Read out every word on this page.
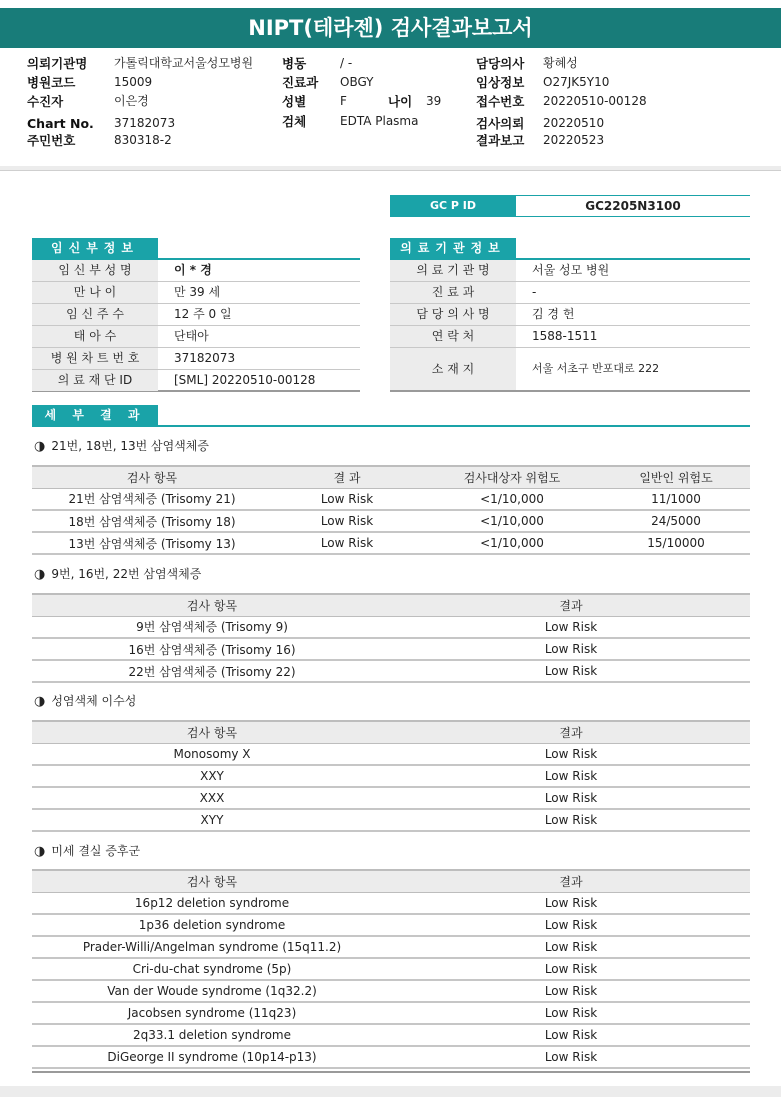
NIPT(테라젠) 검사결과보고서
의뢰기관명 가톨릭대학교서울성모병원
병원코드	15009
수진자	이은경
Chart No. 37182073
주민번호	830318-2
병동	/ -
진료과 OBGY
성별	F	나이 39
검체	EDTA Plasma
담당의사 황혜성
임상정보 O27JK5Y10
접수번호 20220510-00128
검사의뢰 20220510
결과보고 20220523
GC P ID	GC2205N3100
임신부정보
임 신 부 성 명	이 * 경
만 나 이	만 39 세
임 신 주 수	12 주 0 일
태 아 수	단태아
병 원 차 트 번 호	37182073
의 료 재 단 ID	[SML] 20220510-00128
의료기관정보
의 료 기 관 명	서울 성모 병원
진 료 과	-
담 당 의 사 명	김 경 헌
연 락 처	1588-1511
소 재 지	서울 서초구 반포대로 222
세 부 결 과
◑ 21번, 18번, 13번 삼염색체증
검사 항목	결 과	검사대상자 위험도	일반인 위험도
21번 삼염색체증 (Trisomy 21)	Low Risk	<1/10,000	11/1000
18번 삼염색체증 (Trisomy 18)	Low Risk	<1/10,000	24/5000
13번 삼염색체증 (Trisomy 13)	Low Risk	<1/10,000	15/10000
◑ 9번, 16번, 22번 삼염색체증
검사 항목	결과
9번 삼염색체증 (Trisomy 9)	Low Risk
16번 삼염색체증 (Trisomy 16)	Low Risk
22번 삼염색체증 (Trisomy 22)	Low Risk
◑ 성염색체 이수성
검사 항목	결과
Monosomy X	Low Risk
XXY	Low Risk
XXX	Low Risk
XYY	Low Risk
◑ 미세 결실 증후군
검사 항목	결과
16p12 deletion syndrome	Low Risk
1p36 deletion syndrome	Low Risk
Prader-Willi/Angelman syndrome (15q11.2)	Low Risk
Cri-du-chat syndrome (5p)	Low Risk
Van der Woude syndrome (1q32.2)	Low Risk
Jacobsen syndrome (11q23)	Low Risk
2q33.1 deletion syndrome	Low Risk
DiGeorge II syndrome (10p14-p13)	Low Risk
